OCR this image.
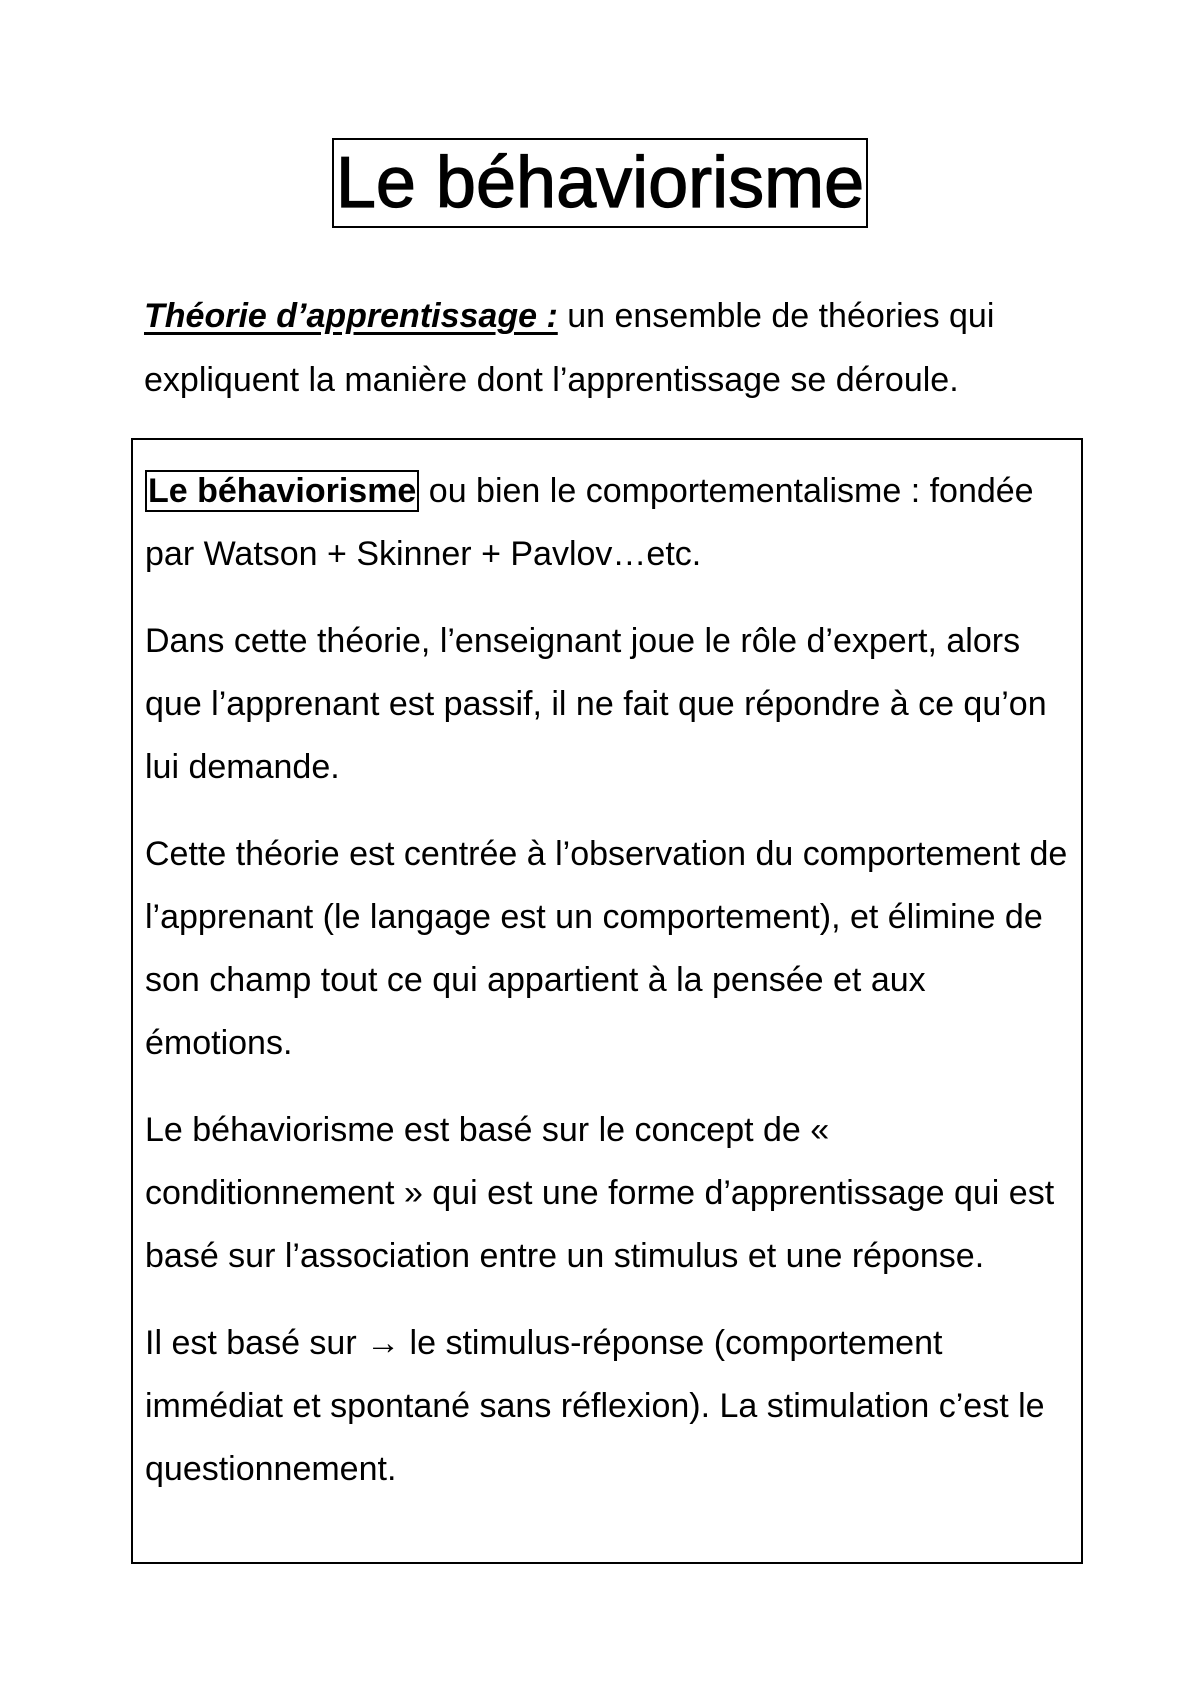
Le béhaviorisme
Théorie d’apprentissage : un ensemble de théories qui expliquent la manière dont l’apprentissage se déroule.

Le béhaviorisme ou bien le comportementalisme : fondée par Watson + Skinner + Pavlov…etc.

Dans cette théorie, l’enseignant joue le rôle d’expert, alors que l’apprenant est passif, il ne fait que répondre à ce qu’on lui demande.

Cette théorie est centrée à l’observation du comportement de l’apprenant (le langage est un comportement), et élimine de son champ tout ce qui appartient à la pensée et aux émotions.

Le béhaviorisme est basé sur le concept de « conditionnement » qui est une forme d’apprentissage qui est basé sur l’association entre un stimulus et une réponse.

Il est basé sur → le stimulus-réponse (comportement immédiat et spontané sans réflexion). La stimulation c’est le questionnement.
